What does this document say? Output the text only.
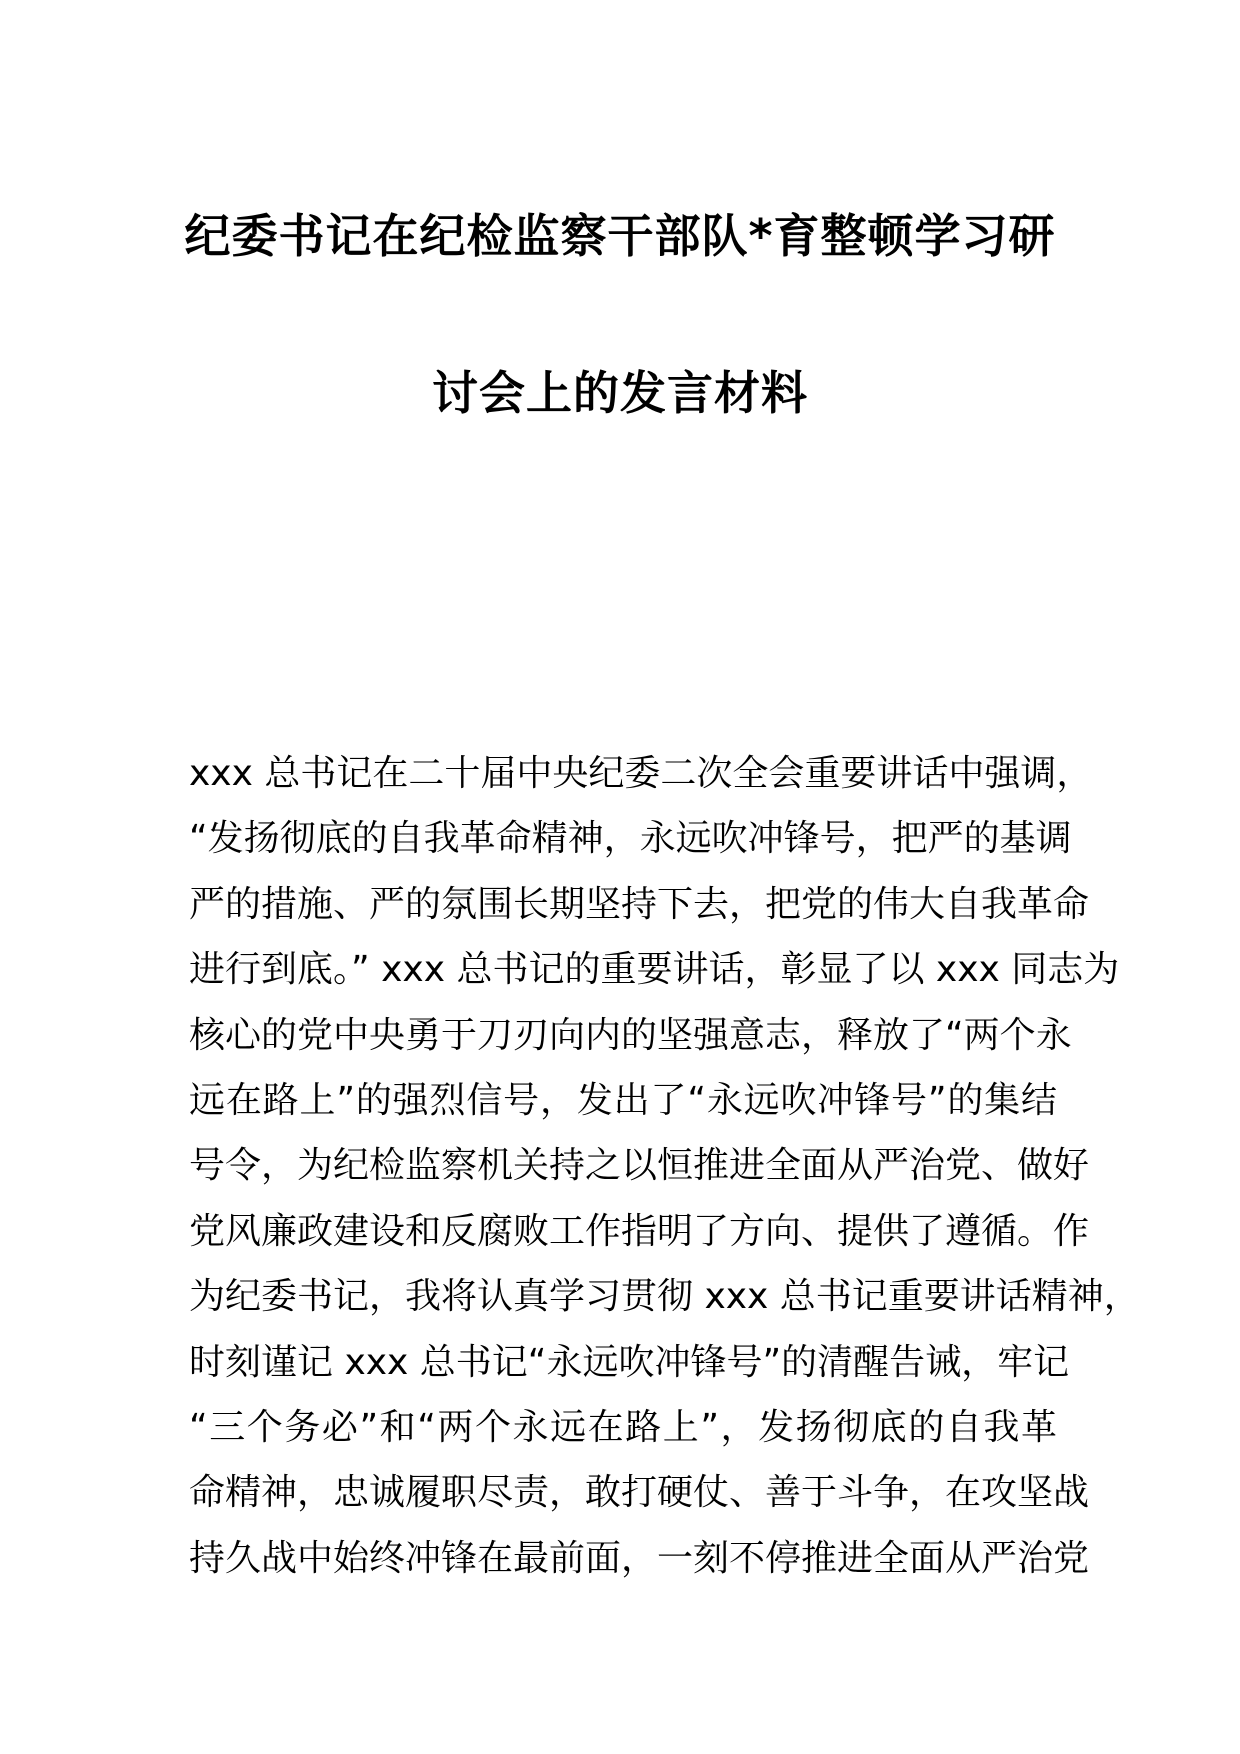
纪委书记在纪检监察干部队*育整顿学习研
讨会上的发言材料
xxx 总书记在二十届中央纪委二次全会重要讲话中强调，
“发扬彻底的自我革命精神，永远吹冲锋号，把严的基调
严的措施、严的氛围长期坚持下去，把党的伟大自我革命
进行到底。” xxx 总书记的重要讲话，彰显了以 xxx 同志为
核心的党中央勇于刀刃向内的坚强意志，释放了“两个永
远在路上”的强烈信号，发出了“永远吹冲锋号”的集结
号令，为纪检监察机关持之以恒推进全面从严治党、做好
党风廉政建设和反腐败工作指明了方向、提供了遵循。作
为纪委书记，我将认真学习贯彻 xxx 总书记重要讲话精神，
时刻谨记 xxx 总书记“永远吹冲锋号”的清醒告诫，牢记
“三个务必”和“两个永远在路上”，发扬彻底的自我革
命精神，忠诚履职尽责，敢打硬仗、善于斗争，在攻坚战
持久战中始终冲锋在最前面，一刻不停推进全面从严治党
